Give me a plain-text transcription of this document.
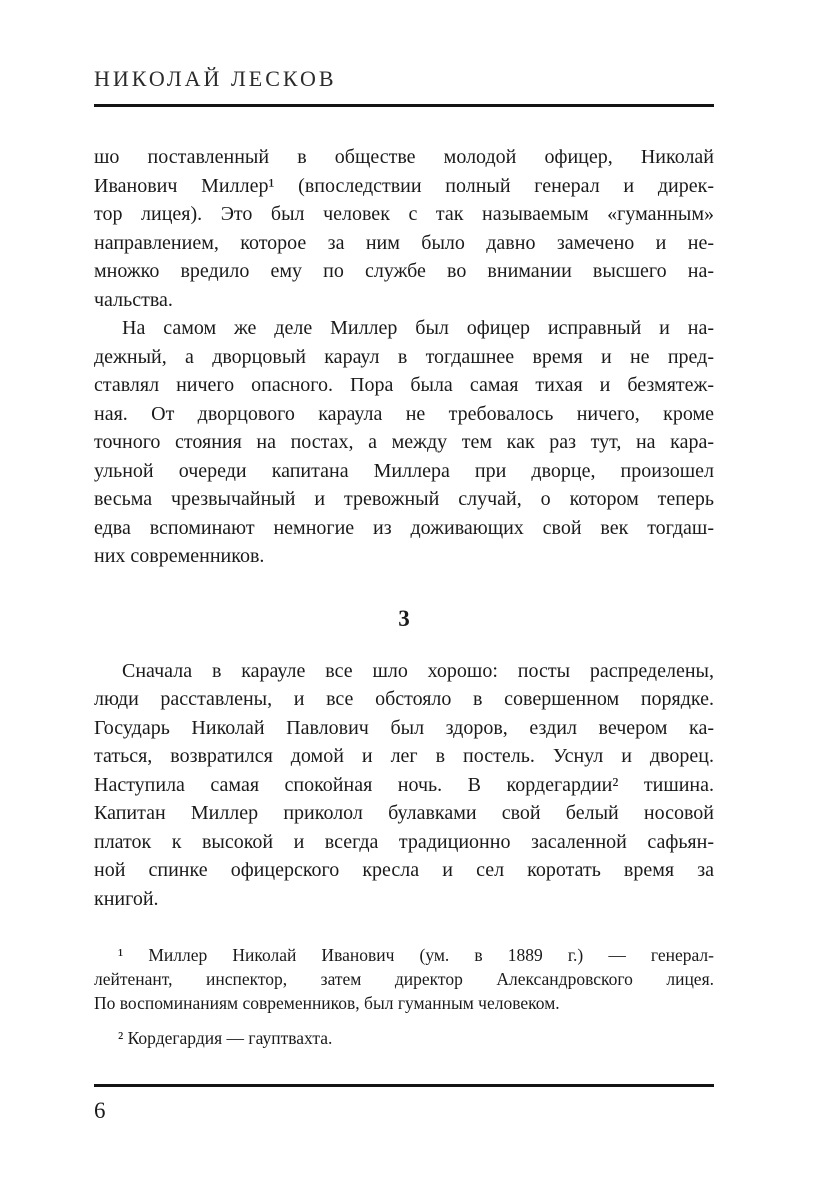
НИКОЛАЙ ЛЕСКОВ
шо поставленный в обществе молодой офицер, Николай
Иванович Миллер¹ (впоследствии полный генерал и дирек-
тор лицея). Это был человек с так называемым «гуманным»
направлением, которое за ним было давно замечено и не-
множко вредило ему по службе во внимании высшего на-
чальства.
На самом же деле Миллер был офицер исправный и на-
дежный, а дворцовый караул в тогдашнее время и не пред-
ставлял ничего опасного. Пора была самая тихая и безмятеж-
ная. От дворцового караула не требовалось ничего, кроме
точного стояния на постах, а между тем как раз тут, на кара-
ульной очереди капитана Миллера при дворце, произошел
весьма чрезвычайный и тревожный случай, о котором теперь
едва вспоминают немногие из доживающих свой век тогдаш-
них современников.
3
Сначала в карауле все шло хорошо: посты распределены,
люди расставлены, и все обстояло в совершенном порядке.
Государь Николай Павлович был здоров, ездил вечером ка-
таться, возвратился домой и лег в постель. Уснул и дворец.
Наступила самая спокойная ночь. В кордегардии² тишина.
Капитан Миллер приколол булавками свой белый носовой
платок к высокой и всегда традиционно засаленной сафьян-
ной спинке офицерского кресла и сел коротать время за
книгой.
¹ Миллер Николай Иванович (ум. в 1889 г.) — генерал-
лейтенант, инспектор, затем директор Александровского лицея.
По воспоминаниям современников, был гуманным человеком.
² Кордегардия — гауптвахта.
6
